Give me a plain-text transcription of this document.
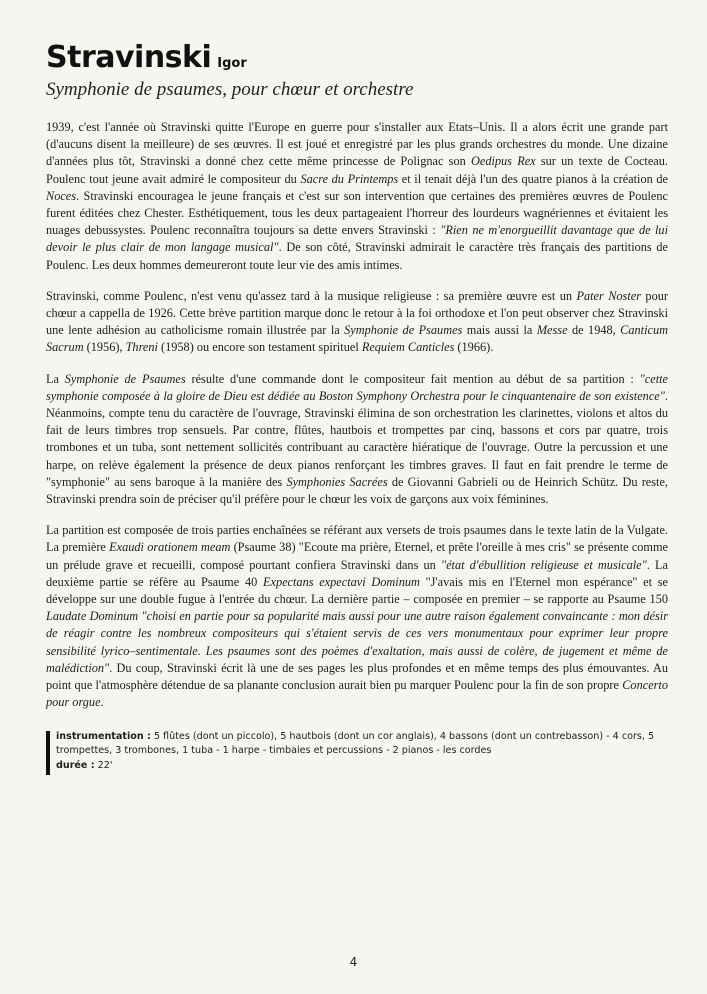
Stravinski Igor
Symphonie de psaumes, pour chœur et orchestre

1939, c'est l'année où Stravinski quitte l'Europe en guerre pour s'installer aux Etats–Unis. Il a alors écrit une grande part (d'aucuns disent la meilleure) de ses œuvres. Il est joué et enregistré par les plus grands orchestres du monde. Une dizaine d'années plus tôt, Stravinski a donné chez cette même princesse de Polignac son Oedipus Rex sur un texte de Cocteau. Poulenc tout jeune avait admiré le compositeur du Sacre du Printemps et il tenait déjà l'un des quatre pianos à la création de Noces. Stravinski encouragea le jeune français et c'est sur son intervention que certaines des premières œuvres de Poulenc furent éditées chez Chester. Esthétiquement, tous les deux partageaient l'horreur des lourdeurs wagnériennes et évitaient les nuages debussystes. Poulenc reconnaîtra toujours sa dette envers Stravinski : "Rien ne m'enorgueillit davantage que de lui devoir le plus clair de mon langage musical". De son côté, Stravinski admirait le caractère très français des partitions de Poulenc. Les deux hommes demeureront toute leur vie des amis intimes.

Stravinski, comme Poulenc, n'est venu qu'assez tard à la musique religieuse : sa première œuvre est un Pater Noster pour chœur a cappella de 1926. Cette brève partition marque donc le retour à la foi orthodoxe et l'on peut observer chez Stravinski une lente adhésion au catholicisme romain illustrée par la Symphonie de Psaumes mais aussi la Messe de 1948, Canticum Sacrum (1956), Threni (1958) ou encore son testament spirituel Requiem Canticles (1966).

La Symphonie de Psaumes résulte d'une commande dont le compositeur fait mention au début de sa partition : "cette symphonie composée à la gloire de Dieu est dédiée au Boston Symphony Orchestra pour le cinquantenaire de son existence". Néanmoins, compte tenu du caractère de l'ouvrage, Stravinski élimina de son orchestration les clarinettes, violons et altos du fait de leurs timbres trop sensuels. Par contre, flûtes, hautbois et trompettes par cinq, bassons et cors par quatre, trois trombones et un tuba, sont nettement sollicités contribuant au caractère hiératique de l'ouvrage. Outre la percussion et une harpe, on relève également la présence de deux pianos renforçant les timbres graves. Il faut en fait prendre le terme de "symphonie" au sens baroque à la manière des Symphonies Sacrées de Giovanni Gabrieli ou de Heinrich Schütz. Du reste, Stravinski prendra soin de préciser qu'il préfère pour le chœur les voix de garçons aux voix féminines.

La partition est composée de trois parties enchaînées se référant aux versets de trois psaumes dans le texte latin de la Vulgate. La première Exaudi orationem meam (Psaume 38) "Ecoute ma prière, Eternel, et prête l'oreille à mes cris" se présente comme un prélude grave et recueilli, composé pourtant confiera Stravinski dans un "état d'ébullition religieuse et musicale". La deuxième partie se réfère au Psaume 40 Expectans expectavi Dominum "J'avais mis en l'Eternel mon espérance" et se développe sur une double fugue à l'entrée du chœur. La dernière partie – composée en premier – se rapporte au Psaume 150 Laudate Dominum "choisi en partie pour sa popularité mais aussi pour une autre raison également convaincante : mon désir de réagir contre les nombreux compositeurs qui s'étaient servis de ces vers monumentaux pour exprimer leur propre sensibilité lyrico–sentimentale. Les psaumes sont des poèmes d'exaltation, mais aussi de colère, de jugement et même de malédiction". Du coup, Stravinski écrit là une de ses pages les plus profondes et en même temps des plus émouvantes. Au point que l'atmosphère détendue de sa planante conclusion aurait bien pu marquer Poulenc pour la fin de son propre Concerto pour orgue.

instrumentation : 5 flûtes (dont un piccolo), 5 hautbois (dont un cor anglais), 4 bassons (dont un contrebasson) - 4 cors, 5 trompettes, 3 trombones, 1 tuba - 1 harpe - timbales et percussions - 2 pianos - les cordes
durée : 22'
4
